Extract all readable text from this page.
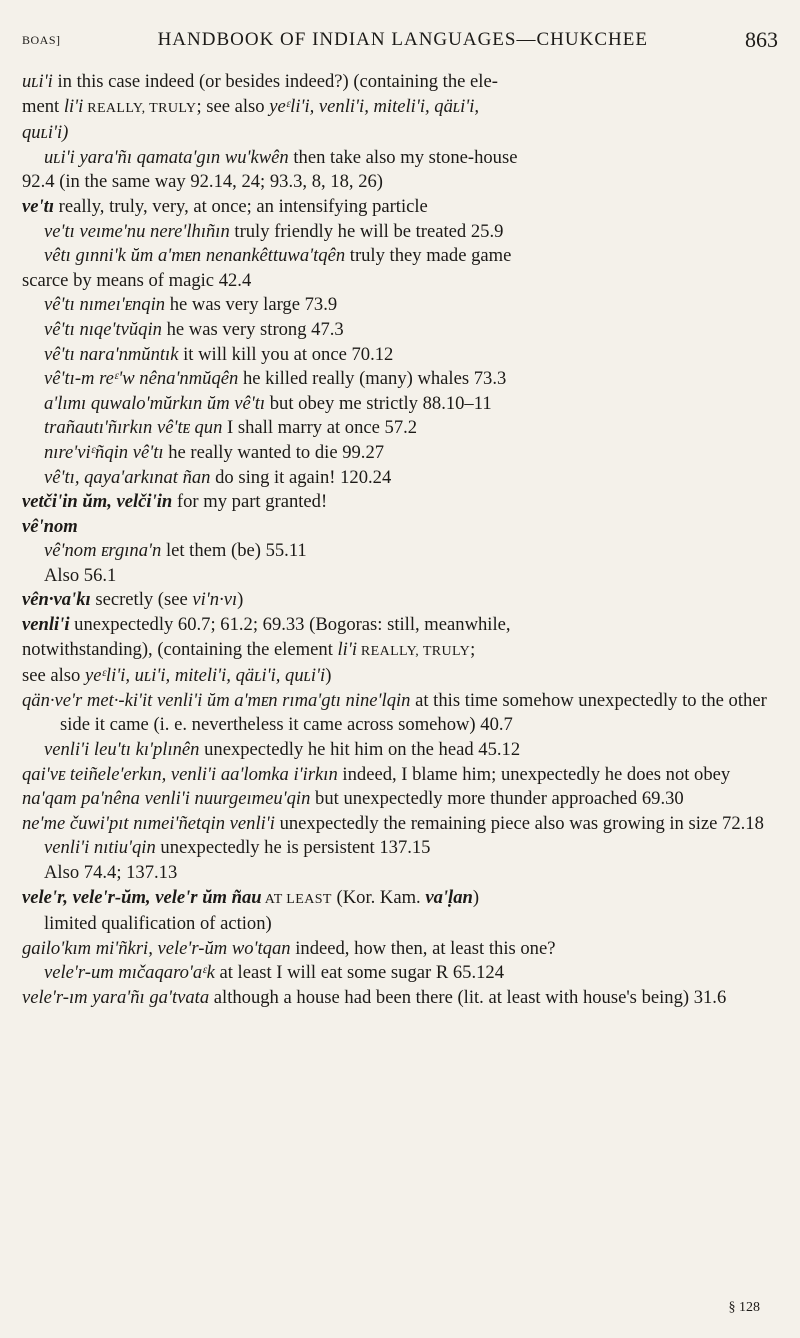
BOAS]	HANDBOOK OF INDIAN LANGUAGES—CHUKCHEE	863

uʟi'i in this case indeed (or besides indeed?) (containing the ele-

ment li'i REALLY, TRULY; see also yeᵋli'i, venli'i, miteli'i, qäʟi'i,

quʟi'i)

uʟi'i yara'ñı qamata'gın wu'kwên then take also my stone-house

92.4 (in the same way 92.14, 24; 93.3, 8, 18, 26)

ve'tı really, truly, very, at once; an intensifying particle

ve'tı veıme'nu nere'lhıñın truly friendly he will be treated 25.9

vêtı gınni'k ŭm a'mᴇn nenankêttuwa'tqên truly they made game

scarce by means of magic 42.4

vê'tı nımeı'ᴇnqin he was very large 73.9

vê'tı nıqe'tvŭqin he was very strong 47.3

vê'tı nara'nmŭntık it will kill you at once 70.12

vê'tı-m reᵋ'w nêna'nmŭqên he killed really (many) whales 73.3

a'lımı quwalo'mŭrkın ŭm vê'tı but obey me strictly 88.10–11

trañautı'ñırkın vê'tᴇ qun I shall marry at once 57.2

nıre'viᵋñqin vê'tı he really wanted to die 99.27

vê'tı, qaya'arkınat ñan do sing it again! 120.24

vetči'in ŭm, velči'in for my part granted!

vê'nom

vê'nom ᴇrgına'n let them (be) 55.11

Also 56.1

vên·va'kı secretly (see vi'n·vı)

venli'i unexpectedly 60.7; 61.2; 69.33 (Bogoras: still, meanwhile,

notwithstanding), (containing the element li'i REALLY, TRULY;

see also yeᵋli'i, uʟi'i, miteli'i, qäʟi'i, quʟi'i)

qän·ve'r met·-ki'it venli'i ŭm a'mᴇn rıma'gtı nine'lqin at this time somehow unexpectedly to the other side it came (i. e. nevertheless it came across somehow) 40.7

venli'i leu'tı kı'plınên unexpectedly he hit him on the head 45.12

qai'vᴇ teiñele'erkın, venli'i aa'lomka i'irkın indeed, I blame him; unexpectedly he does not obey

na'qam pa'nêna venli'i nuurgeımeu'qin but unexpectedly more thunder approached 69.30

ne'me čuwi'pıt nımei'ñetqin venli'i unexpectedly the remaining piece also was growing in size 72.18

venli'i nıtiu'qin unexpectedly he is persistent 137.15

Also 74.4; 137.13

vele'r, vele'r-ŭm, vele'r ŭm ñau AT LEAST (Kor. Kam. va'ḷan)

limited qualification of action)

gailo'kım mi'ñkri, vele'r-ŭm wo'tqan indeed, how then, at least this one?

vele'r-um mıčaqaro'aᵋk at least I will eat some sugar R 65.124

vele'r-ım yara'ñı ga'tvata although a house had been there (lit. at least with house's being) 31.6

§ 128
